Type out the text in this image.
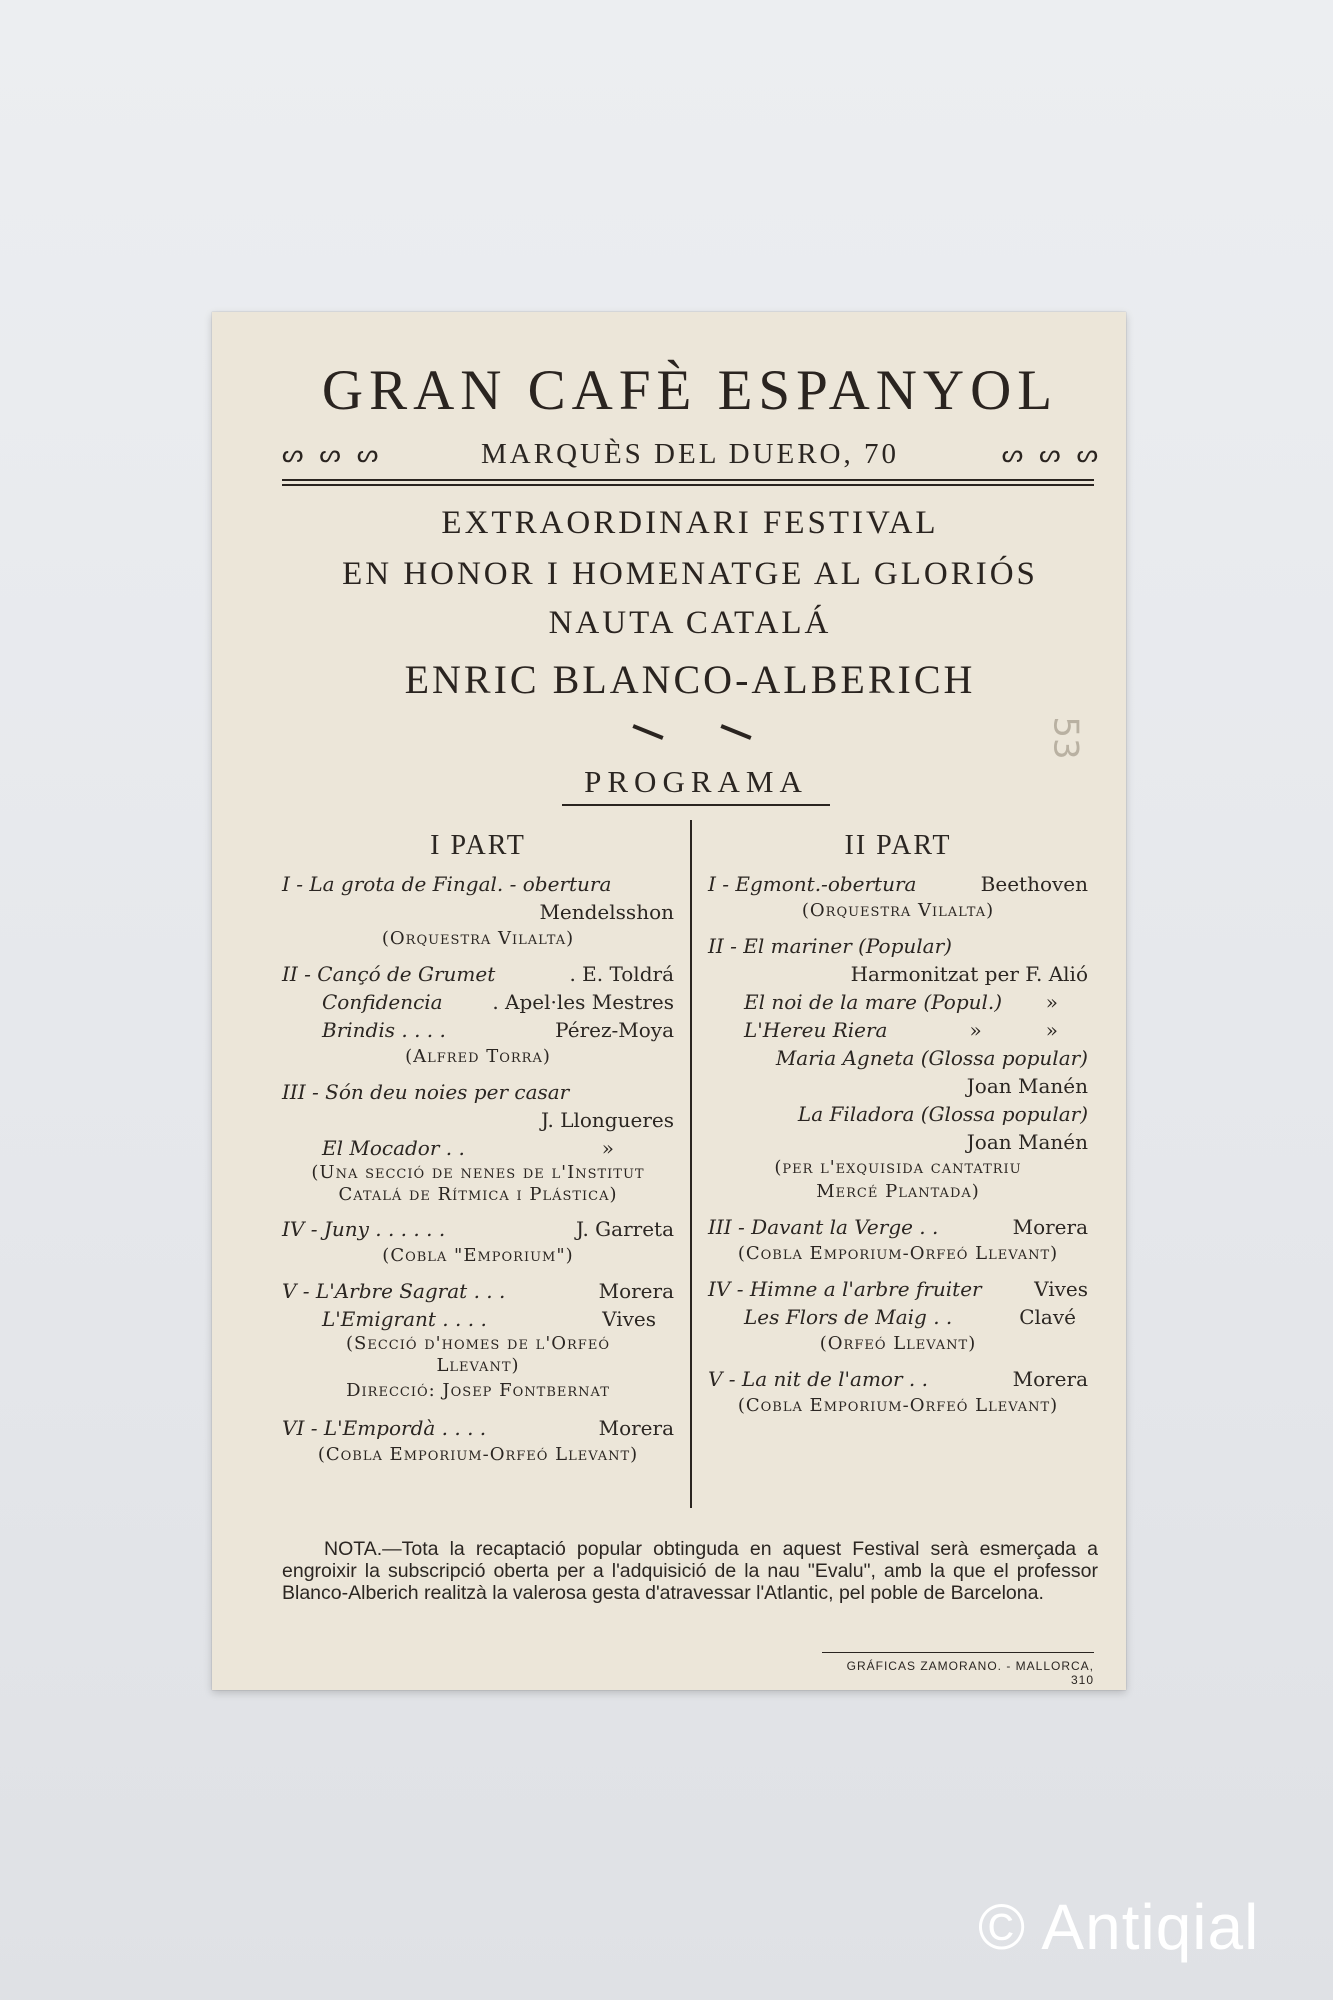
GRAN CAFÈ ESPANYOL
ᔕ ᔕ ᔕ	MARQUÈS DEL DUERO, 70	ᔕ ᔕ ᔕ
EXTRAORDINARI FESTIVAL
EN HONOR I HOMENATGE AL GLORIÓS
NAUTA CATALÁ
ENRIC BLANCO-ALBERICH
53
PROGRAMA
I PART
I - La grota de Fingal. - obertura
Mendelsshon
(Orquestra Vilalta)
II - Cançó de Grumet	. E. Toldrá
Confidencia . Apel·les Mestres
Brindis . . . .	Pérez-Moya
(Alfred Torra)
III - Són deu noies per casar
J. Llongueres
El Mocador . .	»
(Una secció de nenes de l'Institut
Catalá de Rítmica i Plástica)
IV - Juny . . . . . .	J. Garreta
(Cobla "Emporium")
V - L'Arbre Sagrat . . .	Morera
L'Emigrant . . . .	Vives
(Secció d'homes de l'Orfeó
Llevant)
Direcció: Josep Fontbernat
VI - L'Empordà . . . .	Morera
(Cobla Emporium-Orfeó Llevant)
II PART
I - Egmont.-obertura	Beethoven
(Orquestra Vilalta)
II - El mariner (Popular)
Harmonitzat per F. Alió
El noi de la mare (Popul.) »
L'Hereu Riera	»	»
Maria Agneta (Glossa popular)
Joan Manén
La Filadora (Glossa popular)
Joan Manén
(per l'exquisida cantatriu
Mercé Plantada)
III - Davant la Verge . .	Morera
(Cobla Emporium-Orfeó Llevant)
IV - Himne a l'arbre fruiter	Vives
Les Flors de Maig . .	Clavé
(Orfeó Llevant)
V - La nit de l'amor . .	Morera
(Cobla Emporium-Orfeó Llevant)
NOTA.—Tota la recaptació popular obtinguda en aquest Festival serà esmerçada a engroixir la subscripció oberta per a l'adquisició de la nau "Evalu", amb la que el professor Blanco-Alberich realitzà la valerosa gesta d'atravessar l'Atlantic, pel poble de Barcelona.
GRÁFICAS ZAMORANO. - MALLORCA, 310
© Antiqial
